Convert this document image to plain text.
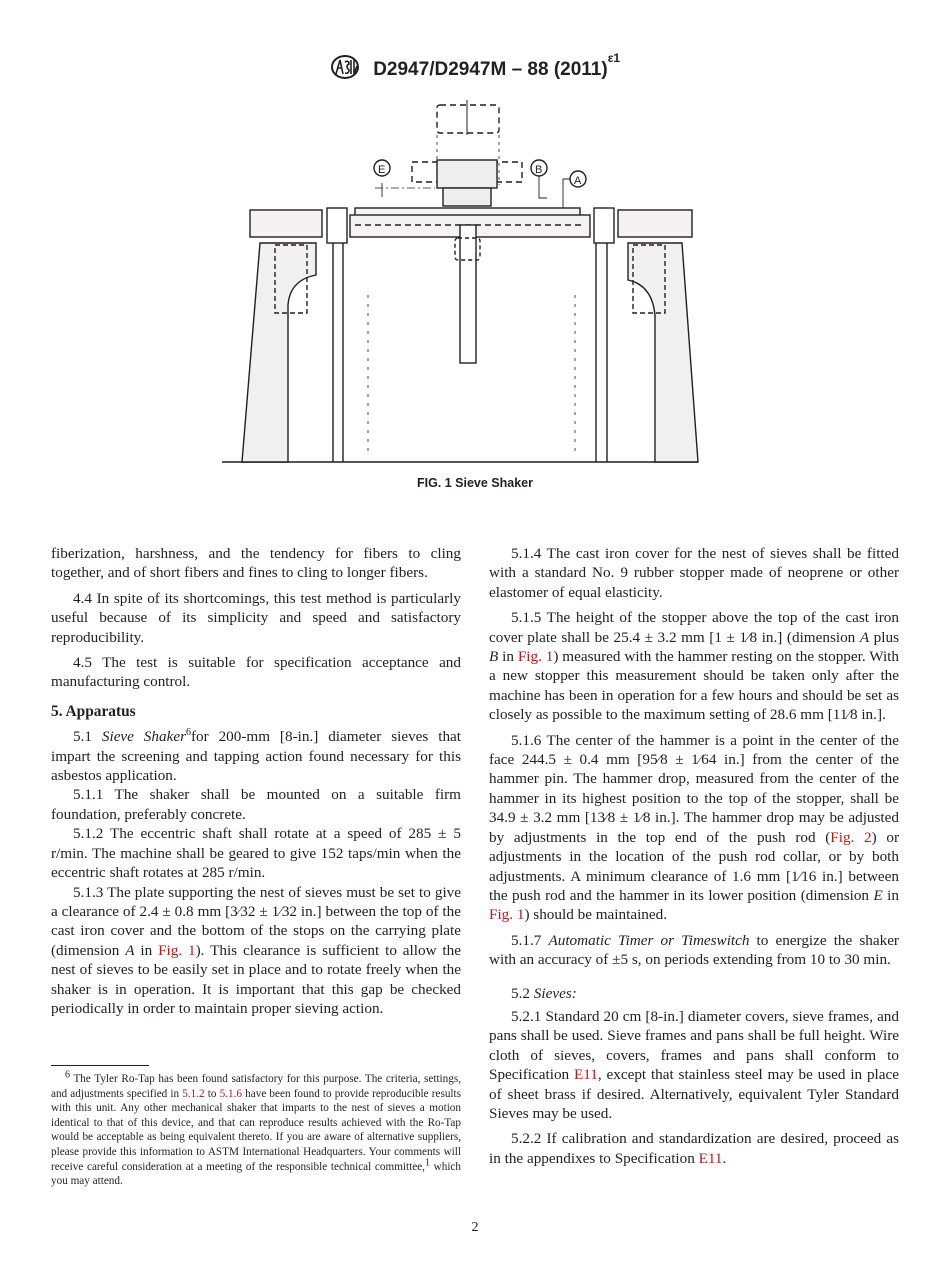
D2947/D2947M – 88 $(2011)^{\varepsilon 1}$
E	B
A
FIG. 1 Sieve Shaker

fiberization, harshness, and the tendency for fibers to cling together, and of short fibers and fines to cling to longer fibers.

4.4 In spite of its shortcomings, this test method is particularly useful because of its simplicity and speed and satisfactory reproducibility.

4.5 The test is suitable for specification acceptance and manufacturing control.

5. Apparatus

5.1 Sieve Shaker$^6$for 200-mm [8-in.] diameter sieves that impart the screening and tapping action found necessary for this asbestos application.

5.1.1 The shaker shall be mounted on a suitable firm foundation, preferably concrete.

5.1.2 The eccentric shaft shall rotate at a speed of 285 ± 5 r/min. The machine shall be geared to give 152 taps/min when the eccentric shaft rotates at 285 r/min.

5.1.3 The plate supporting the nest of sieves must be set to give a clearance of 2.4 ± 0.8 mm [3⁄32 ± 1⁄32 in.] between the top of the cast iron cover and the bottom of the stops on the carrying plate (dimension A in Fig. 1). This clearance is sufficient to allow the nest of sieves to be easily set in place and to rotate freely when the shaker is in operation. It is important that this gap be checked periodically in order to maintain proper sieving action.

$^6$ The Tyler Ro-Tap has been found satisfactory for this purpose. The criteria, settings, and adjustments specified in 5.1.2 to 5.1.6 have been found to provide reproducible results with this unit. Any other mechanical shaker that imparts to the nest of sieves a motion identical to that of this device, and that can reproduce results achieved with the Ro-Tap would be acceptable as being equivalent thereto. If you are aware of alternative suppliers, please provide this information to ASTM International Headquarters. Your comments will receive careful consideration at a meeting of the responsible technical committee,$^1$ which you may attend.

5.1.4 The cast iron cover for the nest of sieves shall be fitted with a standard No. 9 rubber stopper made of neoprene or other elastomer of equal elasticity.

5.1.5 The height of the stopper above the top of the cast iron cover plate shall be 25.4 ± 3.2 mm [1 ± 1⁄8 in.] (dimension A plus B in Fig. 1) measured with the hammer resting on the stopper. With a new stopper this measurement should be taken only after the machine has been in operation for a few hours and should be set as closely as possible to the maximum setting of 28.6 mm [11⁄8 in.].

5.1.6 The center of the hammer is a point in the center of the face 244.5 ± 0.4 mm [95⁄8 ± 1⁄64 in.] from the center of the hammer pin. The hammer drop, measured from the center of the hammer in its highest position to the top of the stopper, shall be 34.9 ± 3.2 mm [13⁄8 ± 1⁄8 in.]. The hammer drop may be adjusted by adjustments in the top end of the push rod (Fig. 2) or adjustments in the location of the push rod collar, or by both adjustments. A minimum clearance of 1.6 mm [1⁄16 in.] between the push rod and the hammer in its lower position (dimension E in Fig. 1) should be maintained.

5.1.7 Automatic Timer or Timeswitch to energize the shaker with an accuracy of ±5 s, on periods extending from 10 to 30 min.

5.2 Sieves:

5.2.1 Standard 20 cm [8-in.] diameter covers, sieve frames, and pans shall be used. Sieve frames and pans shall be full height. Wire cloth of sieves, covers, frames and pans shall conform to Specification E11, except that stainless steel may be used in place of sheet brass if desired. Alternatively, equivalent Tyler Standard Sieves may be used.

5.2.2 If calibration and standardization are desired, proceed as in the appendixes to Specification E11.

2
